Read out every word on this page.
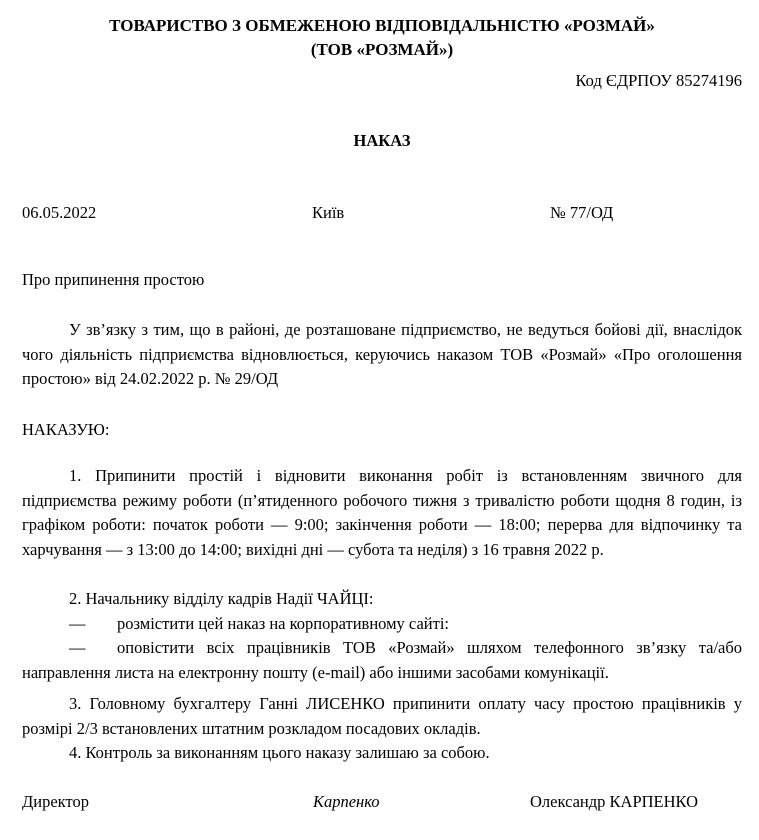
ТОВАРИСТВО З ОБМЕЖЕНОЮ ВІДПОВІДАЛЬНІСТЮ «РОЗМАЙ»
(ТОВ «РОЗМАЙ»)
Код ЄДРПОУ 85274196
НАКАЗ
06.05.2022	Київ	№ 77/ОД
Про припинення простою

У зв’язку з тим, що в районі, де розташоване підприємство, не ведуться бойові дії, внаслідок чого діяльність підприємства відновлюється, керуючись наказом ТОВ «Розмай» «Про оголошення простою» від 24.02.2022 р. № 29/ОД

НАКАЗУЮ:

1. Припинити простій і відновити виконання робіт із встановленням звичного для підприємства режиму роботи (п’ятиденного робочого тижня з тривалістю роботи щодня 8 годин, із графіком роботи: початок роботи — 9:00; закінчення роботи — 18:00; перерва для відпочинку та харчування — з 13:00 до 14:00; вихідні дні — субота та неділя) з 16 травня 2022 р.

2. Начальнику відділу кадрів Надії ЧАЙЦІ:

— розмістити цей наказ на корпоративному сайті:
— оповістити всіх працівників ТОВ «Розмай» шляхом телефонного зв’язку та/або направлення листа на електронну пошту (e-mail) або іншими засобами комунікації.

3. Головному бухгалтеру Ганні ЛИСЕНКО припинити оплату часу простою працівників у розмірі 2/3 встановлених штатним розкладом посадових окладів.

4. Контроль за виконанням цього наказу залишаю за собою.

Директор	Карпенко	Олександр КАРПЕНКО
